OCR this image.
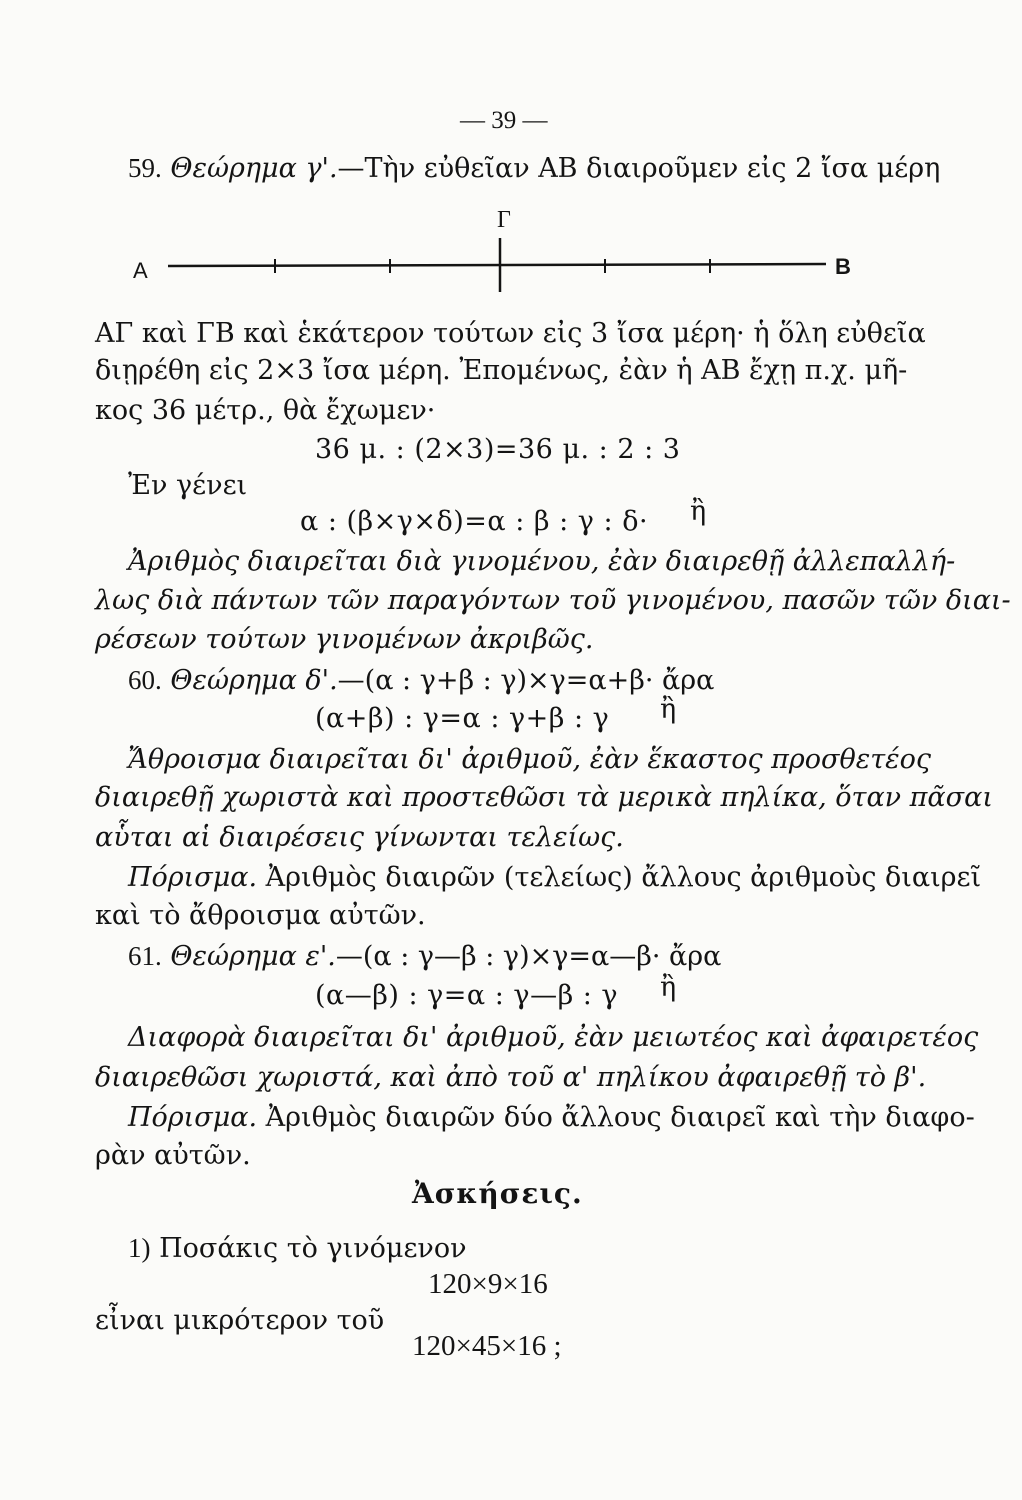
— 39 —
59. Θεώρημα γ'.—Τὴν εὐθεῖαν ΑΒ διαιροῦμεν εἰς 2 ἴσα μέρη
Γ
A	B
ΑΓ καὶ ΓΒ καὶ ἑκάτερον τούτων εἰς 3 ἴσα μέρη· ἡ ὅλη εὐθεῖα
διῃρέθη εἰς 2×3 ἴσα μέρη. Ἐπομένως, ἐὰν ἡ ΑΒ ἔχῃ π.χ. μῆ-
κος 36 μέτρ., θὰ ἔχωμεν·
36 μ. : (2×3)=36 μ. : 2 : 3
Ἐν γένει
α : (β×γ×δ)=α : β : γ : δ· ἢ
Ἀριθμὸς διαιρεῖται διὰ γινομένου, ἐὰν διαιρεθῇ ἀλλεπαλλή-
λως διὰ πάντων τῶν παραγόντων τοῦ γινομένου, πασῶν τῶν διαι-
ρέσεων τούτων γινομένων ἀκριβῶς.
60. Θεώρημα δ'.—(α : γ+β : γ)×γ=α+β· ἄρα
(α+β) : γ=α : γ+β : γ ἢ
Ἄθροισμα διαιρεῖται δι' ἀριθμοῦ, ἐὰν ἕκαστος προσθετέος
διαιρεθῇ χωριστὰ καὶ προστεθῶσι τὰ μερικὰ πηλίκα, ὅταν πᾶσαι
αὗται αἱ διαιρέσεις γίνωνται τελείως.
Πόρισμα. Ἀριθμὸς διαιρῶν (τελείως) ἄλλους ἀριθμοὺς διαιρεῖ
καὶ τὸ ἄθροισμα αὐτῶν.
61. Θεώρημα ε'.—(α : γ—β : γ)×γ=α—β· ἄρα
(α—β) : γ=α : γ—β : γ ἢ
Διαφορὰ διαιρεῖται δι' ἀριθμοῦ, ἐὰν μειωτέος καὶ ἀφαιρετέος
διαιρεθῶσι χωριστά, καὶ ἀπὸ τοῦ α' πηλίκου ἀφαιρεθῇ τὸ β'.
Πόρισμα. Ἀριθμὸς διαιρῶν δύο ἄλλους διαιρεῖ καὶ τὴν διαφο-
ρὰν αὐτῶν.
Ἀσκήσεις.
1) Ποσάκις τὸ γινόμενον
120×9×16
εἶναι μικρότερον τοῦ
120×45×16 ;
